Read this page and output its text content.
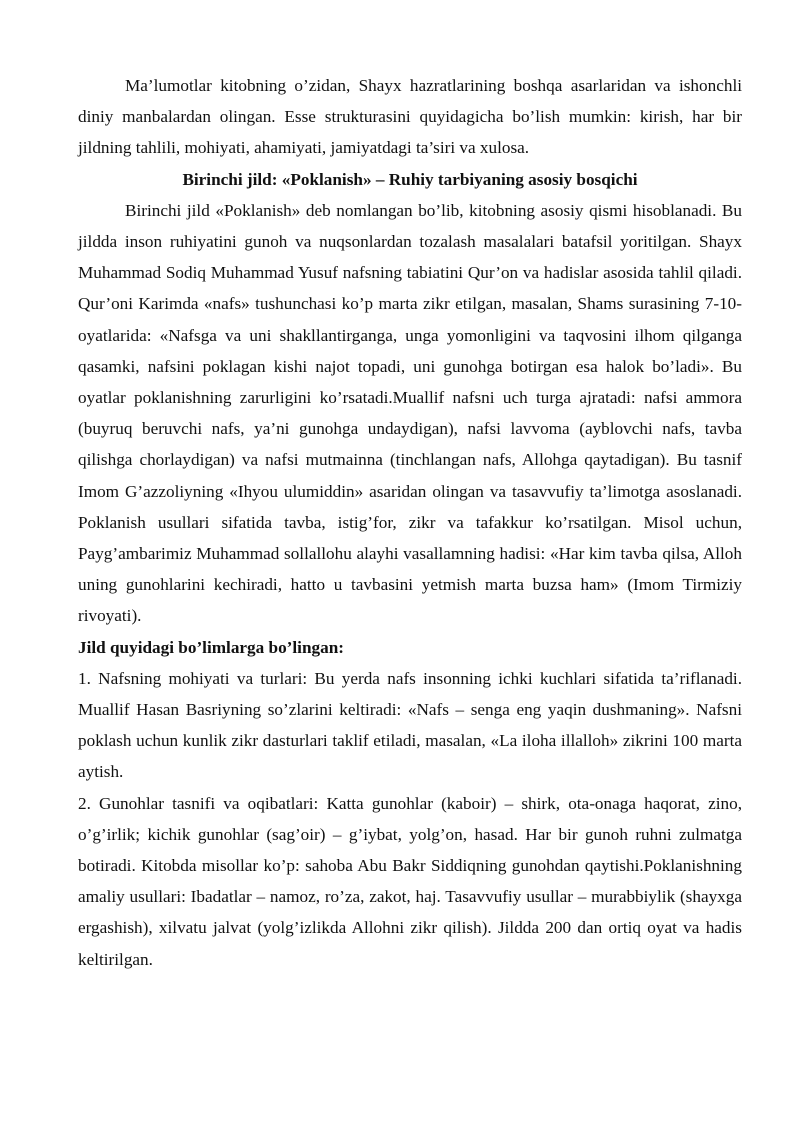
Ma’lumotlar kitobning o’zidan, Shayx hazratlarining boshqa asarlaridan va ishonchli diniy manbalardan olingan. Esse strukturasini quyidagicha bo’lish mumkin: kirish, har bir jildning tahlili, mohiyati, ahamiyati, jamiyatdagi ta’siri va xulosa.

Birinchi jild: «Poklanish» – Ruhiy tarbiyaning asosiy bosqichi

Birinchi jild «Poklanish» deb nomlangan bo’lib, kitobning asosiy qismi hisoblanadi. Bu jildda inson ruhiyatini gunoh va nuqsonlardan tozalash masalalari batafsil yoritilgan. Shayx Muhammad Sodiq Muhammad Yusuf nafsning tabiatini Qur’on va hadislar asosida tahlil qiladi. Qur’oni Karimda «nafs» tushunchasi ko’p marta zikr etilgan, masalan, Shams surasining 7-10-oyatlarida: «Nafsga va uni shakllantirganga, unga yomonligini va taqvosini ilhom qilganga qasamki, nafsini poklagan kishi najot topadi, uni gunohga botirgan esa halok bo’ladi». Bu oyatlar poklanishning zarurligini ko’rsatadi.Muallif nafsni uch turga ajratadi: nafsi ammora (buyruq beruvchi nafs, ya’ni gunohga undaydigan), nafsi lavvoma (ayblovchi nafs, tavba qilishga chorlaydigan) va nafsi mutmainna (tinchlangan nafs, Allohga qaytadigan). Bu tasnif Imom G’azzoliyning «Ihyou ulumiddin» asaridan olingan va tasavvufiy ta’limotga asoslanadi. Poklanish usullari sifatida tavba, istig’for, zikr va tafakkur ko’rsatilgan. Misol uchun, Payg’ambarimiz Muhammad sollallohu alayhi vasallamning hadisi: «Har kim tavba qilsa, Alloh uning gunohlarini kechiradi, hatto u tavbasini yetmish marta buzsa ham» (Imom Tirmiziy rivoyati).

Jild quyidagi bo’limlarga bo’lingan:

1. Nafsning mohiyati va turlari: Bu yerda nafs insonning ichki kuchlari sifatida ta’riflanadi. Muallif Hasan Basriyning so’zlarini keltiradi: «Nafs – senga eng yaqin dushmaning». Nafsni poklash uchun kunlik zikr dasturlari taklif etiladi, masalan, «La iloha illalloh» zikrini 100 marta aytish.

2. Gunohlar tasnifi va oqibatlari: Katta gunohlar (kaboir) – shirk, ota-onaga haqorat, zino, o’g’irlik; kichik gunohlar (sag’oir) – g’iybat, yolg’on, hasad. Har bir gunoh ruhni zulmatga botiradi. Kitobda misollar ko’p: sahoba Abu Bakr Siddiqning gunohdan qaytishi.Poklanishning amaliy usullari: Ibadatlar – namoz, ro’za, zakot, haj. Tasavvufiy usullar – murabbiylik (shayxga ergashish), xilvatu jalvat (yolg’izlikda Allohni zikr qilish). Jildda 200 dan ortiq oyat va hadis keltirilgan.
